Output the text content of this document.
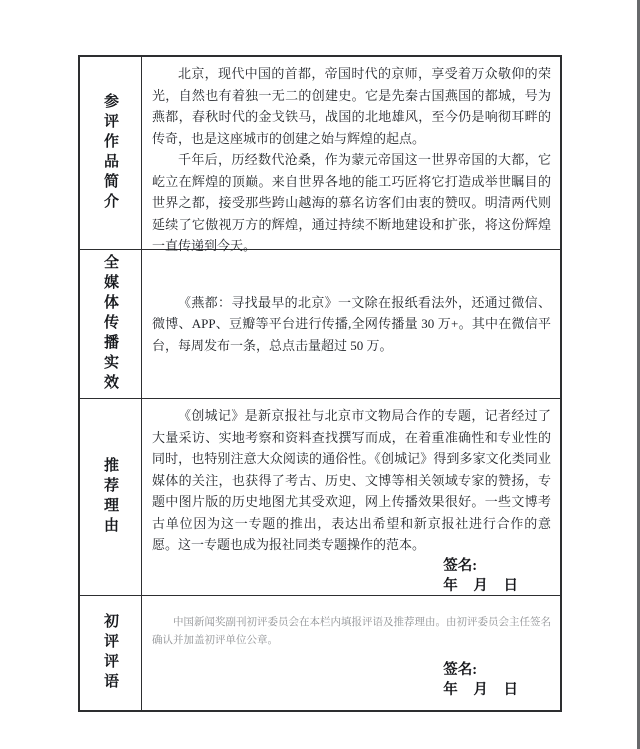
参评作品简介

北京，现代中国的首都，帝国时代的京师，享受着万众敬仰的荣光，自然也有着独一无二的创建史。它是先秦古国燕国的都城，号为燕都，春秋时代的金戈铁马，战国的北地雄风，至今仍是响彻耳畔的传奇，也是这座城市的创建之始与辉煌的起点。

千年后，历经数代沧桑，作为蒙元帝国这一世界帝国的大都，它屹立在辉煌的顶巅。来自世界各地的能工巧匠将它打造成举世瞩目的世界之都，接受那些跨山越海的慕名访客们由衷的赞叹。明清两代则延续了它傲视万方的辉煌，通过持续不断地建设和扩张，将这份辉煌一直传递到今天。

全媒体传播实效	《燕都：寻找最早的北京》一文除在报纸看法外，还通过微信、微博、APP、豆瓣等平台进行传播,全网传播量 30 万+。其中在微信平台，每周发布一条，总点击量超过 50 万。

推荐理由

《创城记》是新京报社与北京市文物局合作的专题，记者经过了大量采访、实地考察和资料查找撰写而成，在着重准确性和专业性的同时，也特别注意大众阅读的通俗性。《创城记》得到多家文化类同业媒体的关注，也获得了考古、历史、文博等相关领域专家的赞扬，专题中图片版的历史地图尤其受欢迎，网上传播效果很好。一些文博考古单位因为这一专题的推出，表达出希望和新京报社进行合作的意愿。这一专题也成为报社同类专题操作的范本。

签名:
年 月 日
初评评语	中国新闻奖副刊初评委员会在本栏内填报评语及推荐理由。由初评委员会主任签名确认并加盖初评单位公章。

签名:
年 月 日
